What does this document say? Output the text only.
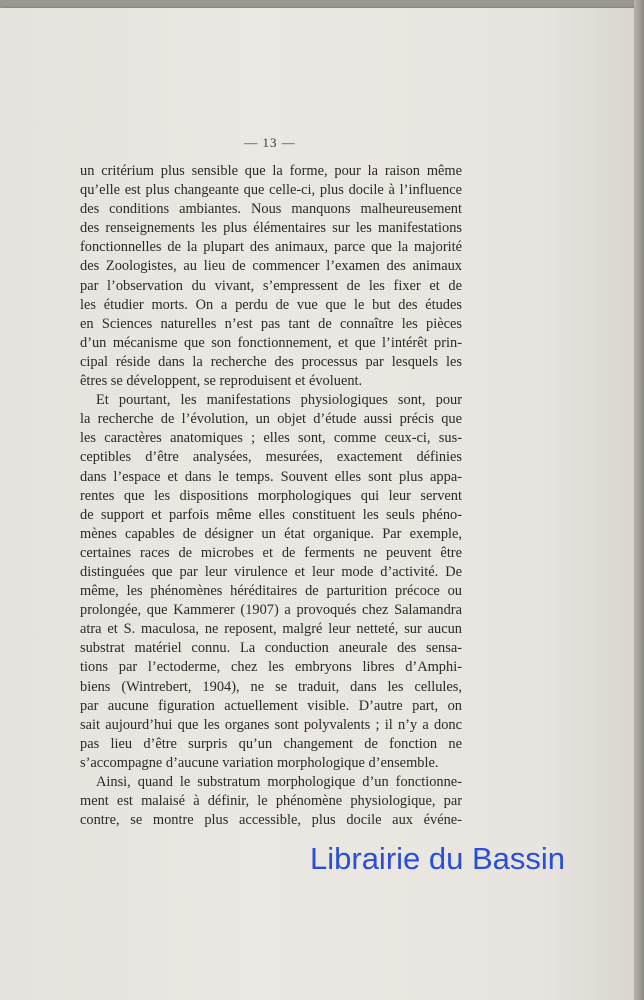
— 13 —
un critérium plus sensible que la forme, pour la raison même
qu’elle est plus changeante que celle-ci, plus docile à l’influence
des conditions ambiantes. Nous manquons malheureusement
des renseignements les plus élémentaires sur les manifestations
fonctionnelles de la plupart des animaux, parce que la majorité
des Zoologistes, au lieu de commencer l’examen des animaux
par l’observation du vivant, s’empressent de les fixer et de
les étudier morts. On a perdu de vue que le but des études
en Sciences naturelles n’est pas tant de connaître les pièces
d’un mécanisme que son fonctionnement, et que l’intérêt prin-
cipal réside dans la recherche des processus par lesquels les
êtres se développent, se reproduisent et évoluent.
Et pourtant, les manifestations physiologiques sont, pour
la recherche de l’évolution, un objet d’étude aussi précis que
les caractères anatomiques ; elles sont, comme ceux-ci, sus-
ceptibles d’être analysées, mesurées, exactement définies
dans l’espace et dans le temps. Souvent elles sont plus appa-
rentes que les dispositions morphologiques qui leur servent
de support et parfois même elles constituent les seuls phéno-
mènes capables de désigner un état organique. Par exemple,
certaines races de microbes et de ferments ne peuvent être
distinguées que par leur virulence et leur mode d’activité. De
même, les phénomènes héréditaires de parturition précoce ou
prolongée, que Kammerer (1907) a provoqués chez Salamandra
atra et S. maculosa, ne reposent, malgré leur netteté, sur aucun
substrat matériel connu. La conduction aneurale des sensa-
tions par l’ectoderme, chez les embryons libres d’Amphi-
biens (Wintrebert, 1904), ne se traduit, dans les cellules,
par aucune figuration actuellement visible. D’autre part, on
sait aujourd’hui que les organes sont polyvalents ; il n’y a donc
pas lieu d’être surpris qu’un changement de fonction ne
s’accompagne d’aucune variation morphologique d’ensemble.
Ainsi, quand le substratum morphologique d’un fonctionne-
ment est malaisé à définir, le phénomène physiologique, par
contre, se montre plus accessible, plus docile aux événe-
Librairie du Bassin
